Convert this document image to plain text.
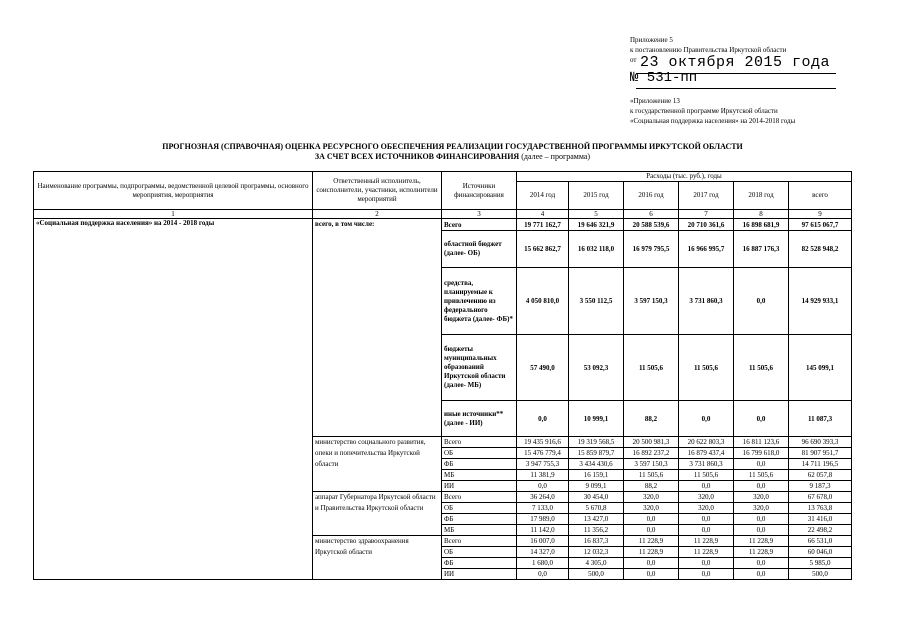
Приложение 5
к постановлению Правительства Иркутской области
от 23 октября 2015 года
№ 531-пп
«Приложение 13
к государственной программе Иркутской области
«Социальная поддержка населения» на 2014-2018 годы
ПРОГНОЗНАЯ (СПРАВОЧНАЯ) ОЦЕНКА РЕСУРСНОГО ОБЕСПЕЧЕНИЯ РЕАЛИЗАЦИИ ГОСУДАРСТВЕННОЙ ПРОГРАММЫ ИРКУТСКОЙ ОБЛАСТИ
ЗА СЧЕТ ВСЕХ ИСТОЧНИКОВ ФИНАНСИРОВАНИЯ (далее – программа)
Наименование программы, подпрограммы, ведомственной целевой программы, основного мероприятия, мероприятия	Ответственный исполнитель, соисполнители, участники, исполнители мероприятий	Источники финансирования	Расходы (тыс. руб.), годы					
			2014 год	2015 год	2016 год	2017 год	2018 год	всего
1	2	3	4	5	6	7	8	9
«Социальная поддержка населения» на 2014 - 2018 годы	всего, в том числе:	Всего	19 771 162,7	19 646 321,9	20 588 539,6	20 710 361,6	16 898 681,9	97 615 067,7
		областной бюджет (далее- ОБ)	15 662 862,7	16 032 118,0	16 979 795,5	16 966 995,7	16 887 176,3	82 528 948,2
		средства, планируемые к привлечению из федерального бюджета (далее- ФБ)*	4 050 810,0	3 550 112,5	3 597 150,3	3 731 860,3	0,0	14 929 933,1
		бюджеты муниципальных образований Иркутской области (далее- МБ)	57 490,0	53 092,3	11 505,6	11 505,6	11 505,6	145 099,1
		иные источники** (далее - ИИ)	0,0	10 999,1	88,2	0,0	0,0	11 087,3
	министерство социального развития, опеки и попечительства Иркутской области	Всего	19 435 916,6	19 319 568,5	20 500 981,3	20 622 803,3	16 811 123,6	96 690 393,3
		ОБ	15 476 779,4	15 859 879,7	16 892 237,2	16 879 437,4	16 799 618,0	81 907 951,7
		ФБ	3 947 755,3	3 434 430,6	3 597 150,3	3 731 860,3	0,0	14 711 196,5
		МБ	11 381,9	16 159,1	11 505,6	11 505,6	11 505,6	62 057,8
		ИИ	0,0	9 099,1	88,2	0,0	0,0	9 187,3
	аппарат Губернатора Иркутской области и Правительства Иркутской области	Всего	36 264,0	30 454,0	320,0	320,0	320,0	67 678,0
		ОБ	7 133,0	5 670,8	320,0	320,0	320,0	13 763,8
		ФБ	17 989,0	13 427,0	0,0	0,0	0,0	31 416,0
		МБ	11 142,0	11 356,2	0,0	0,0	0,0	22 498,2
	министерство здравоохранения Иркутской области	Всего	16 007,0	16 837,3	11 228,9	11 228,9	11 228,9	66 531,0
		ОБ	14 327,0	12 032,3	11 228,9	11 228,9	11 228,9	60 046,0
		ФБ	1 680,0	4 305,0	0,0	0,0	0,0	5 985,0
		ИИ	0,0	500,0	0,0	0,0	0,0	500,0
